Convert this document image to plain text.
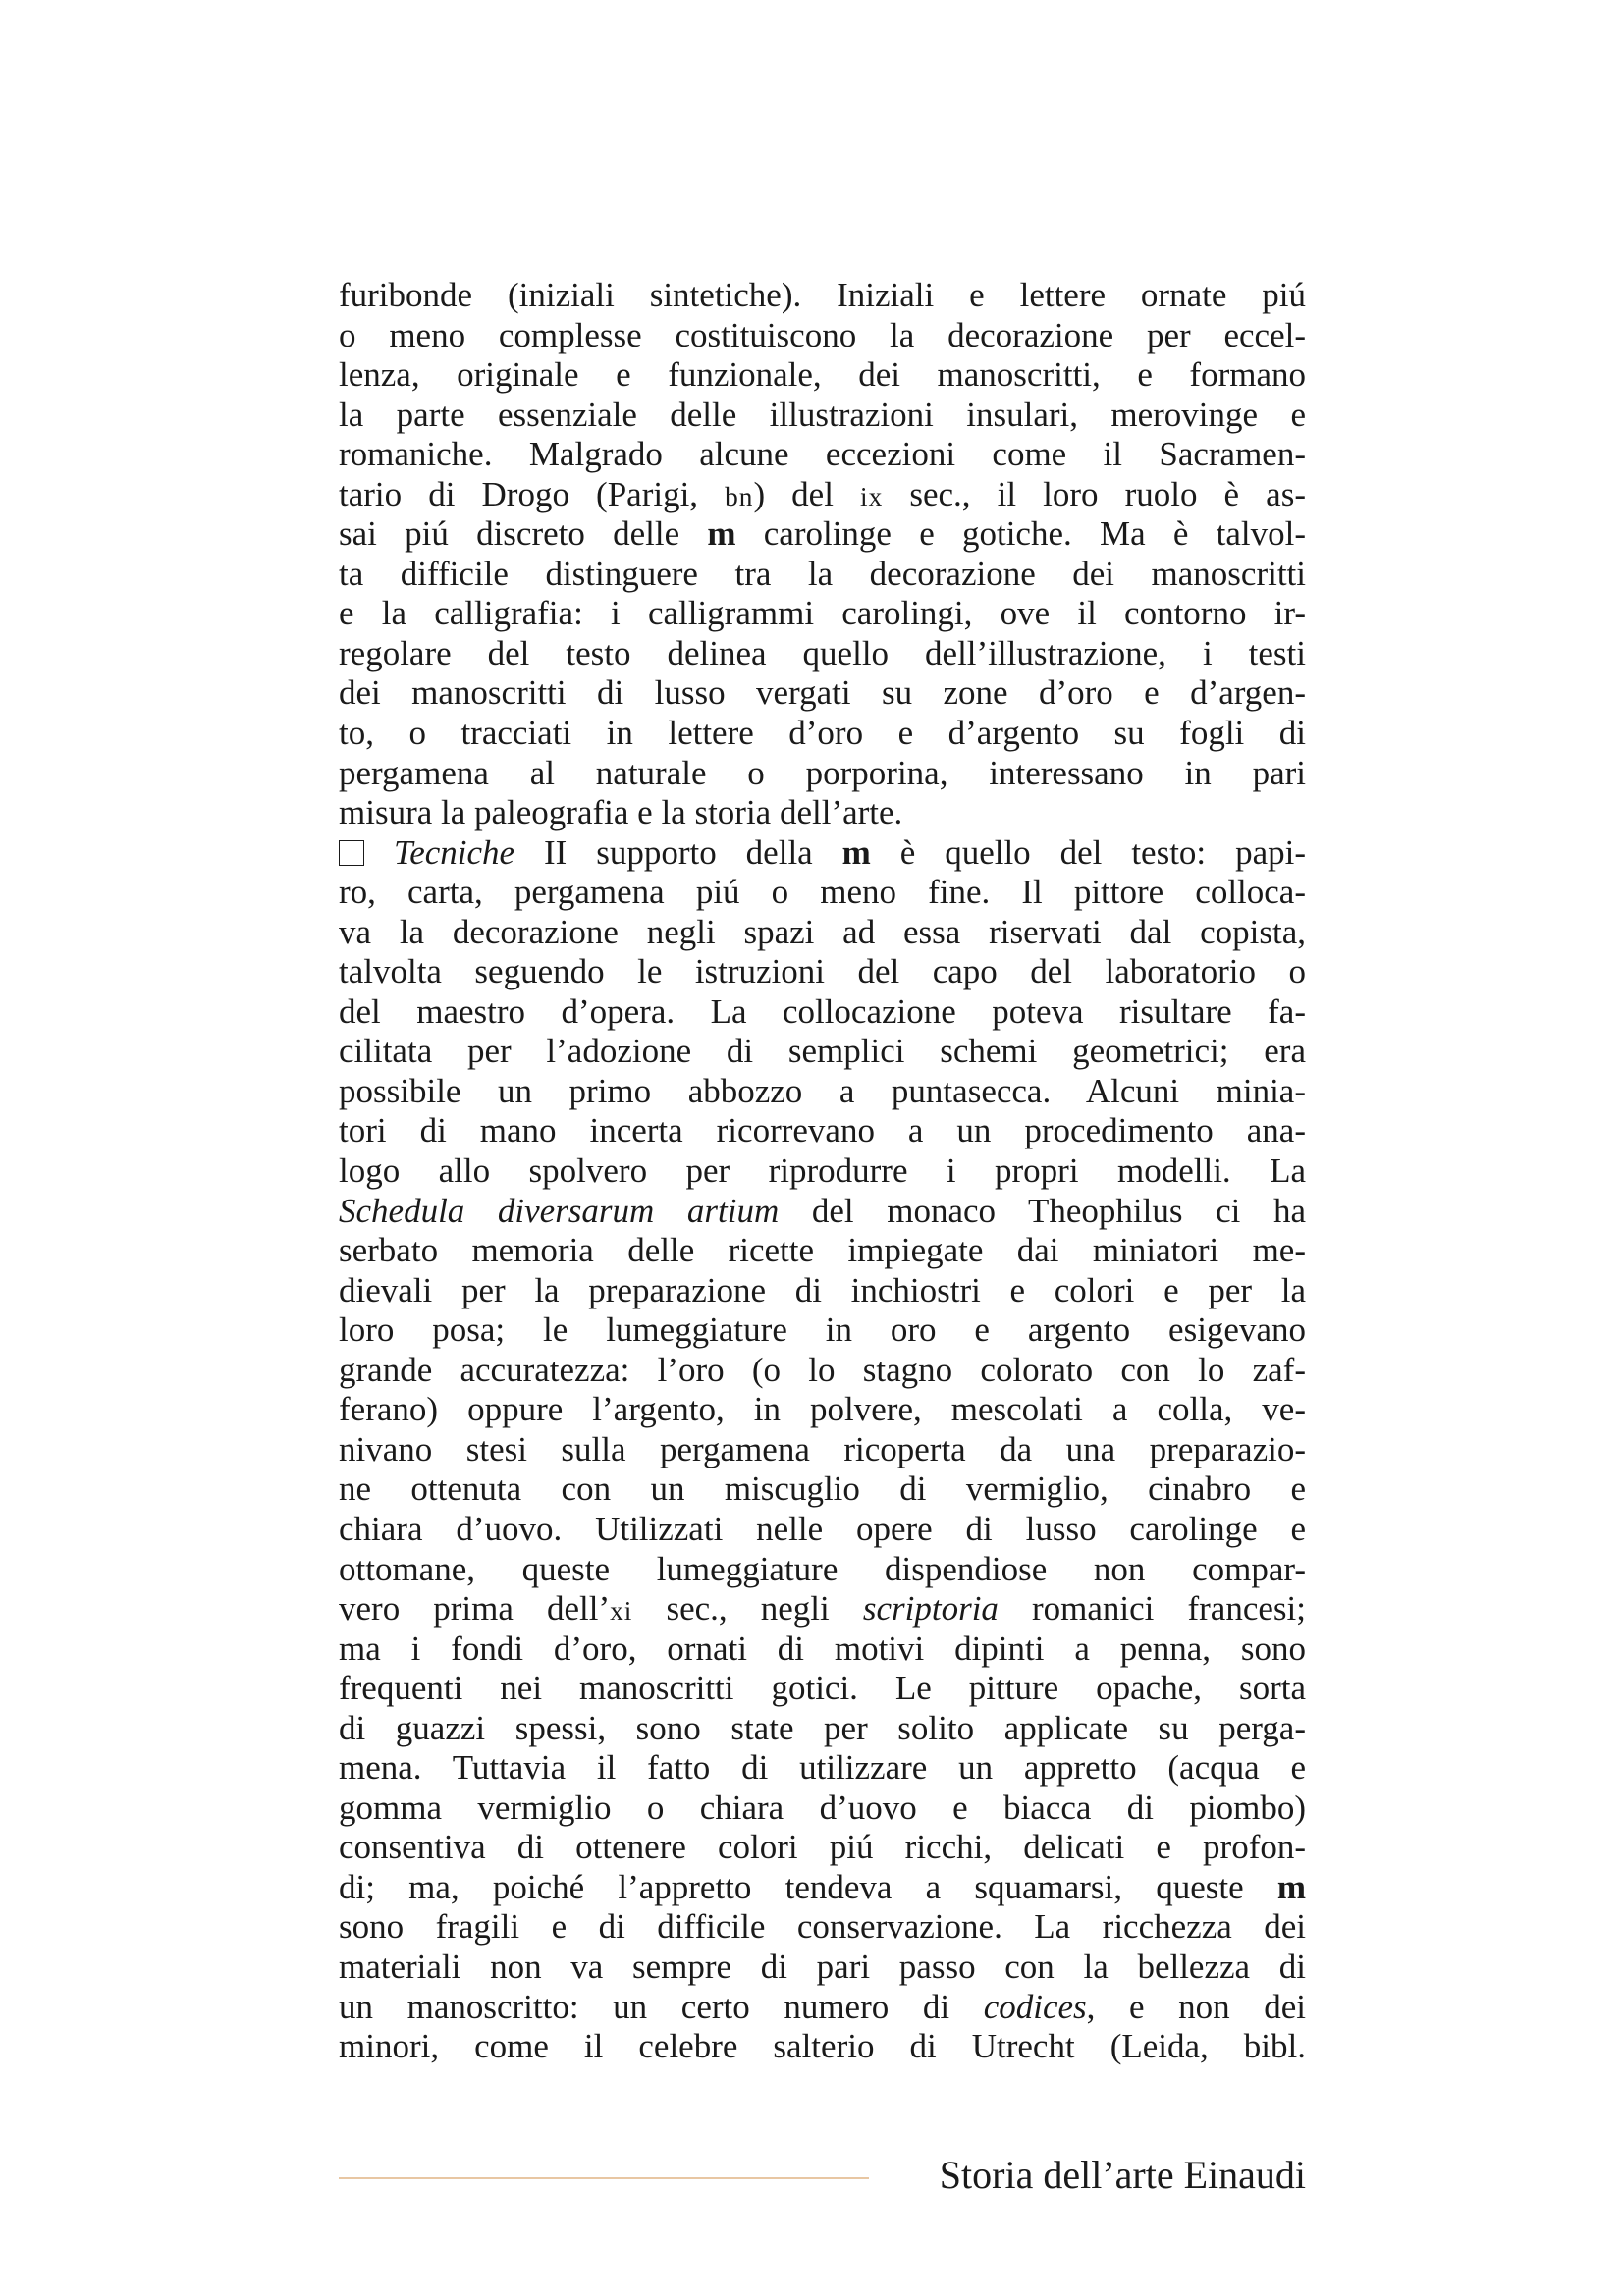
furibonde (iniziali sintetiche). Iniziali e lettere ornate piú
o meno complesse costituiscono la decorazione per eccel-
lenza, originale e funzionale, dei manoscritti, e formano
la parte essenziale delle illustrazioni insulari, merovinge e
romaniche. Malgrado alcune eccezioni come il Sacramen-
tario di Drogo (Parigi, bn) del ix sec., il loro ruolo è as-
sai piú discreto delle m carolinge e gotiche. Ma è talvol-
ta difficile distinguere tra la decorazione dei manoscritti
e la calligrafia: i calligrammi carolingi, ove il contorno ir-
regolare del testo delinea quello dell’illustrazione, i testi
dei manoscritti di lusso vergati su zone d’oro e d’argen-
to, o tracciati in lettere d’oro e d’argento su fogli di
pergamena al naturale o porporina, interessano in pari
misura la paleografia e la storia dell’arte.
Tecniche II supporto della m è quello del testo: papi-
ro, carta, pergamena piú o meno fine. Il pittore colloca-
va la decorazione negli spazi ad essa riservati dal copista,
talvolta seguendo le istruzioni del capo del laboratorio o
del maestro d’opera. La collocazione poteva risultare fa-
cilitata per l’adozione di semplici schemi geometrici; era
possibile un primo abbozzo a puntasecca. Alcuni minia-
tori di mano incerta ricorrevano a un procedimento ana-
logo allo spolvero per riprodurre i propri modelli. La
Schedula diversarum artium del monaco Theophilus ci ha
serbato memoria delle ricette impiegate dai miniatori me-
dievali per la preparazione di inchiostri e colori e per la
loro posa; le lumeggiature in oro e argento esigevano
grande accuratezza: l’oro (o lo stagno colorato con lo zaf-
ferano) oppure l’argento, in polvere, mescolati a colla, ve-
nivano stesi sulla pergamena ricoperta da una preparazio-
ne ottenuta con un miscuglio di vermiglio, cinabro e
chiara d’uovo. Utilizzati nelle opere di lusso carolinge e
ottomane, queste lumeggiature dispendiose non compar-
vero prima dell’xi sec., negli scriptoria romanici francesi;
ma i fondi d’oro, ornati di motivi dipinti a penna, sono
frequenti nei manoscritti gotici. Le pitture opache, sorta
di guazzi spessi, sono state per solito applicate su perga-
mena. Tuttavia il fatto di utilizzare un appretto (acqua e
gomma vermiglio o chiara d’uovo e biacca di piombo)
consentiva di ottenere colori piú ricchi, delicati e profon-
di; ma, poiché l’appretto tendeva a squamarsi, queste m
sono fragili e di difficile conservazione. La ricchezza dei
materiali non va sempre di pari passo con la bellezza di
un manoscritto: un certo numero di codices, e non dei
minori, come il celebre salterio di Utrecht (Leida, bibl.
Storia dell’arte Einaudi
